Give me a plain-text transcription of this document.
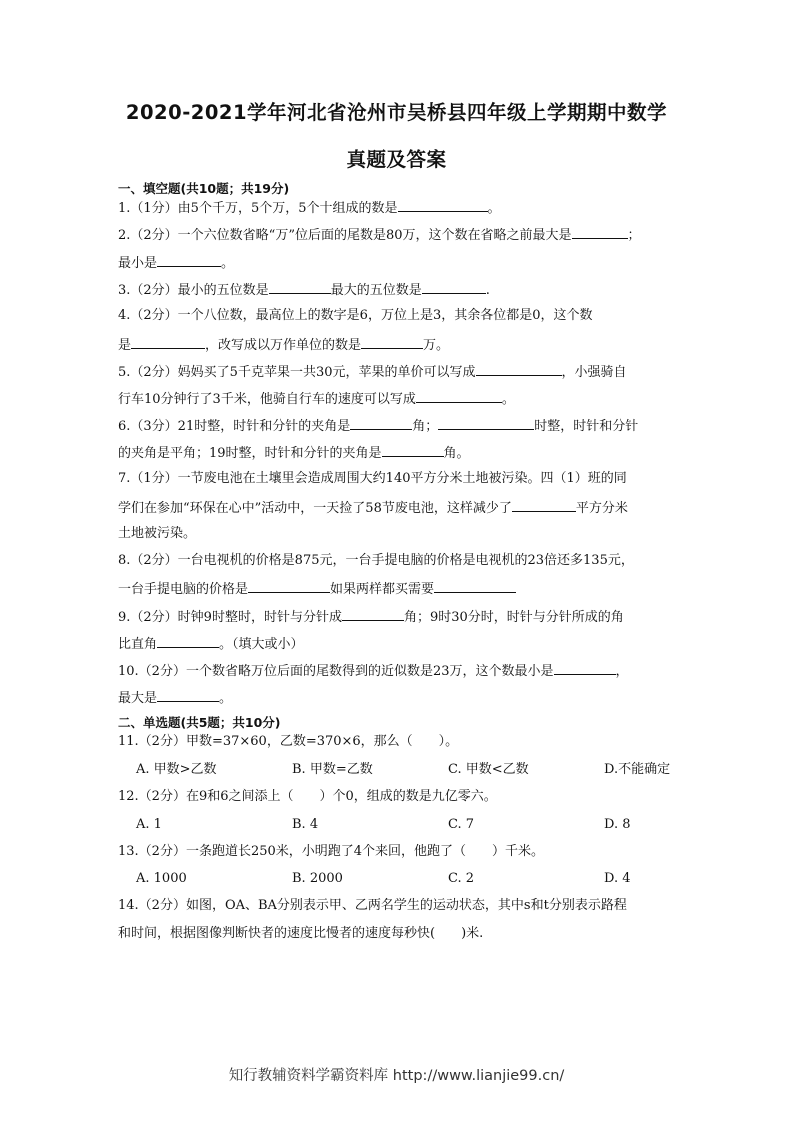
2020-2021学年河北省沧州市吴桥县四年级上学期期中数学
真题及答案
一、填空题(共10题；共19分)
1.（1分）由5个千万，5个万，5个十组成的数是	。
2.（2分）一个六位数省略“万”位后面的尾数是80万，这个数在省略之前最大是	；
最小是	。
3.（2分）最小的五位数是	最大的五位数是	.
4.（2分）一个八位数，最高位上的数字是6，万位上是3，其余各位都是0，这个数
是	，改写成以万作单位的数是	万。
5.（2分）妈妈买了5千克苹果一共30元，苹果的单价可以写成	，小强骑自
行车10分钟行了3千米，他骑自行车的速度可以写成	。
6.（3分）21时整，时针和分针的夹角是	角；	时整，时针和分针
的夹角是平角；19时整，时针和分针的夹角是	角。
7.（1分）一节废电池在土壤里会造成周围大约140平方分米土地被污染。四（1）班的同
学们在参加“环保在心中”活动中，一天捡了58节废电池，这样减少了	平方分米
土地被污染。
8.（2分）一台电视机的价格是875元，一台手提电脑的价格是电视机的23倍还多135元，
一台手提电脑的价格是	如果两样都买需要
9.（2分）时钟9时整时，时针与分针成	角；9时30分时，时针与分针所成的角
比直角	。（填大或小）
10.（2分）一个数省略万位后面的尾数得到的近似数是23万，这个数最小是	，
最大是	。
二、单选题(共5题；共10分)
11.（2分）甲数=37×60，乙数=370×6，那么（　　）。
A. 甲数>乙数	B. 甲数=乙数	C. 甲数<乙数	D.不能确定
12.（2分）在9和6之间添上（　　）个0，组成的数是九亿零六。
A. 1	B. 4	C. 7	D. 8
13.（2分）一条跑道长250米，小明跑了4个来回，他跑了（　　）千米。
A. 1000	B. 2000	C. 2	D. 4
14.（2分）如图，OA、BA分别表示甲、乙两名学生的运动状态，其中s和t分别表示路程
和时间，根据图像判断快者的速度比慢者的速度每秒快(　　)米.
知行教辅资料学霸资料库 http://www.lianjie99.cn/
